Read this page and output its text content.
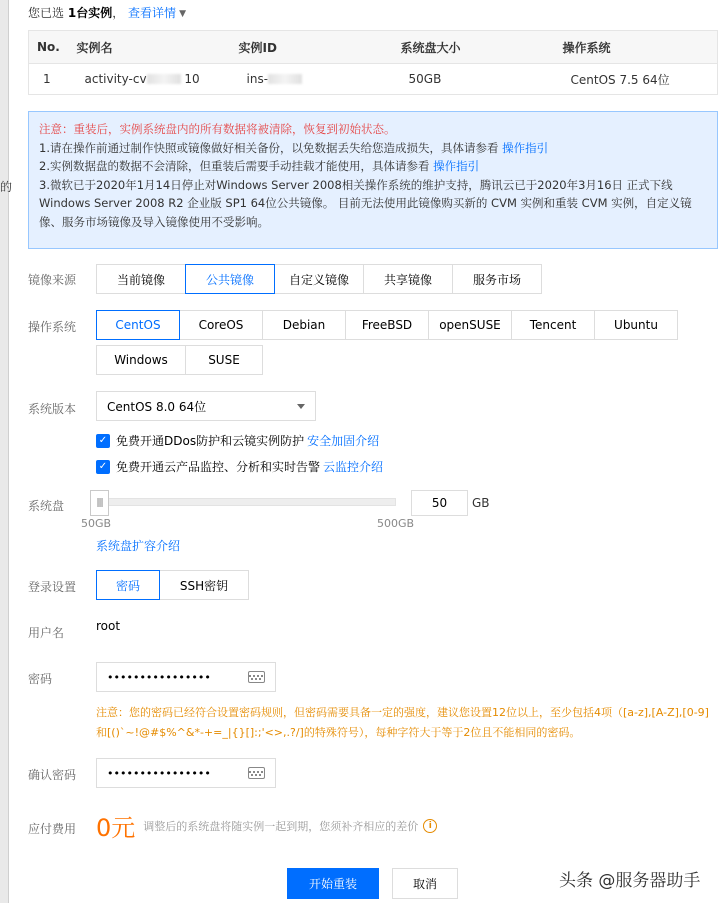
的
您已选 1台实例， 查看详情 ▼
No.	实例名	实例ID	系统盘大小	操作系统
1	activity-cv 10	ins-	50GB	CentOS 7.5 64位
注意：重装后，实例系统盘内的所有数据将被清除，恢复到初始状态。
1.请在操作前通过制作快照或镜像做好相关备份，以免数据丢失给您造成损失，具体请参看 操作指引
2.实例数据盘的数据不会清除，但重装后需要手动挂载才能使用，具体请参看 操作指引
3.微软已于2020年1月14日停止对Windows Server 2008相关操作系统的维护支持，腾讯云已于2020年3月16日 正式下线
Windows Server 2008 R2 企业版 SP1 64位公共镜像。 目前无法使用此镜像购买新的 CVM 实例和重装 CVM 实例，自定义镜
像、服务市场镜像及导入镜像使用不受影响。
镜像来源	当前镜像	公共镜像	自定义镜像	共享镜像	服务市场
操作系统	CentOS	CoreOS	Debian	FreeBSD	openSUSE	Tencent	Ubuntu
Windows	SUSE
系统版本	CentOS 8.0 64位
✓ 免费开通DDos防护和云镜实例防护 安全加固介绍
✓ 免费开通云产品监控、分析和实时告警 云监控介绍
系统盘	|||
50GB	500GB
50	GB
系统盘扩容介绍
登录设置	密码	SSH密钥
用户名	root
密码	••••••••••••••••
注意：您的密码已经符合设置密码规则，但密码需要具备一定的强度，建议您设置12位以上，至少包括4项（[a-z],[A-Z],[0-9]和[()`~!@#$%^&*-+=_|{}[]:;'<>,.?/]的特殊符号），每种字符大于等于2位且不能相同的密码。
确认密码	••••••••••••••••
应付费用 0元 调整后的系统盘将随实例一起到期，您须补齐相应的差价	i
开始重装	取消	头条 @服务器助手
